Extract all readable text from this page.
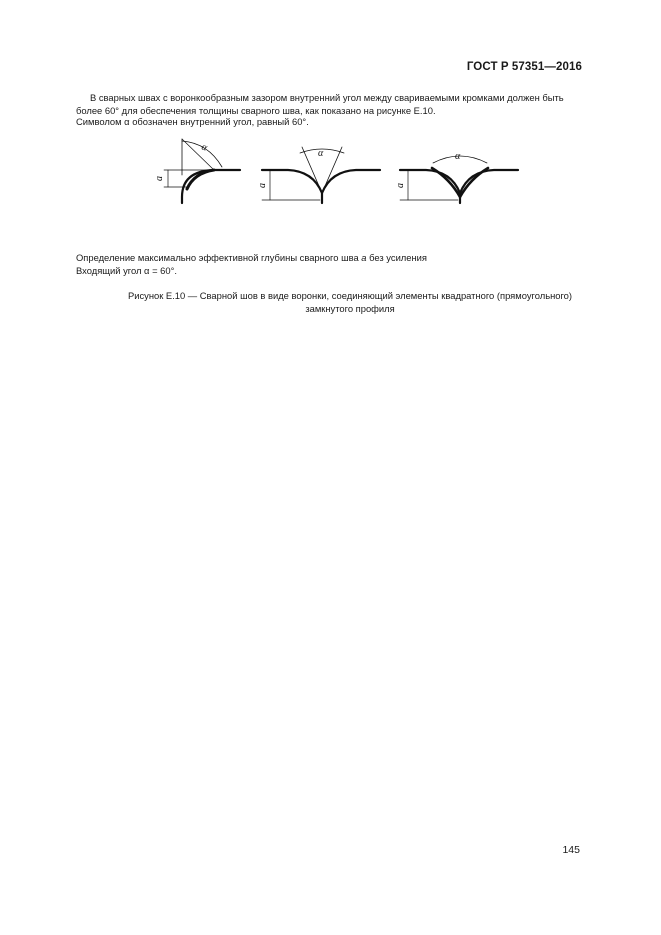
ГОСТ Р 57351—2016
В сварных швах с воронкообразным зазором внутренний угол между свариваемыми кромками должен быть более 60° для обеспечения толщины сварного шва, как показано на рисунке Е.10.
Символом α обозначен внутренний угол, равный 60°.
α
a
α
a
α
a
Определение максимально эффективной глубины сварного шва a без усиления
Входящий угол α = 60°.
Рисунок Е.10 — Сварной шов в виде воронки, соединяющий элементы квадратного (прямоугольного)
замкнутого профиля
145
